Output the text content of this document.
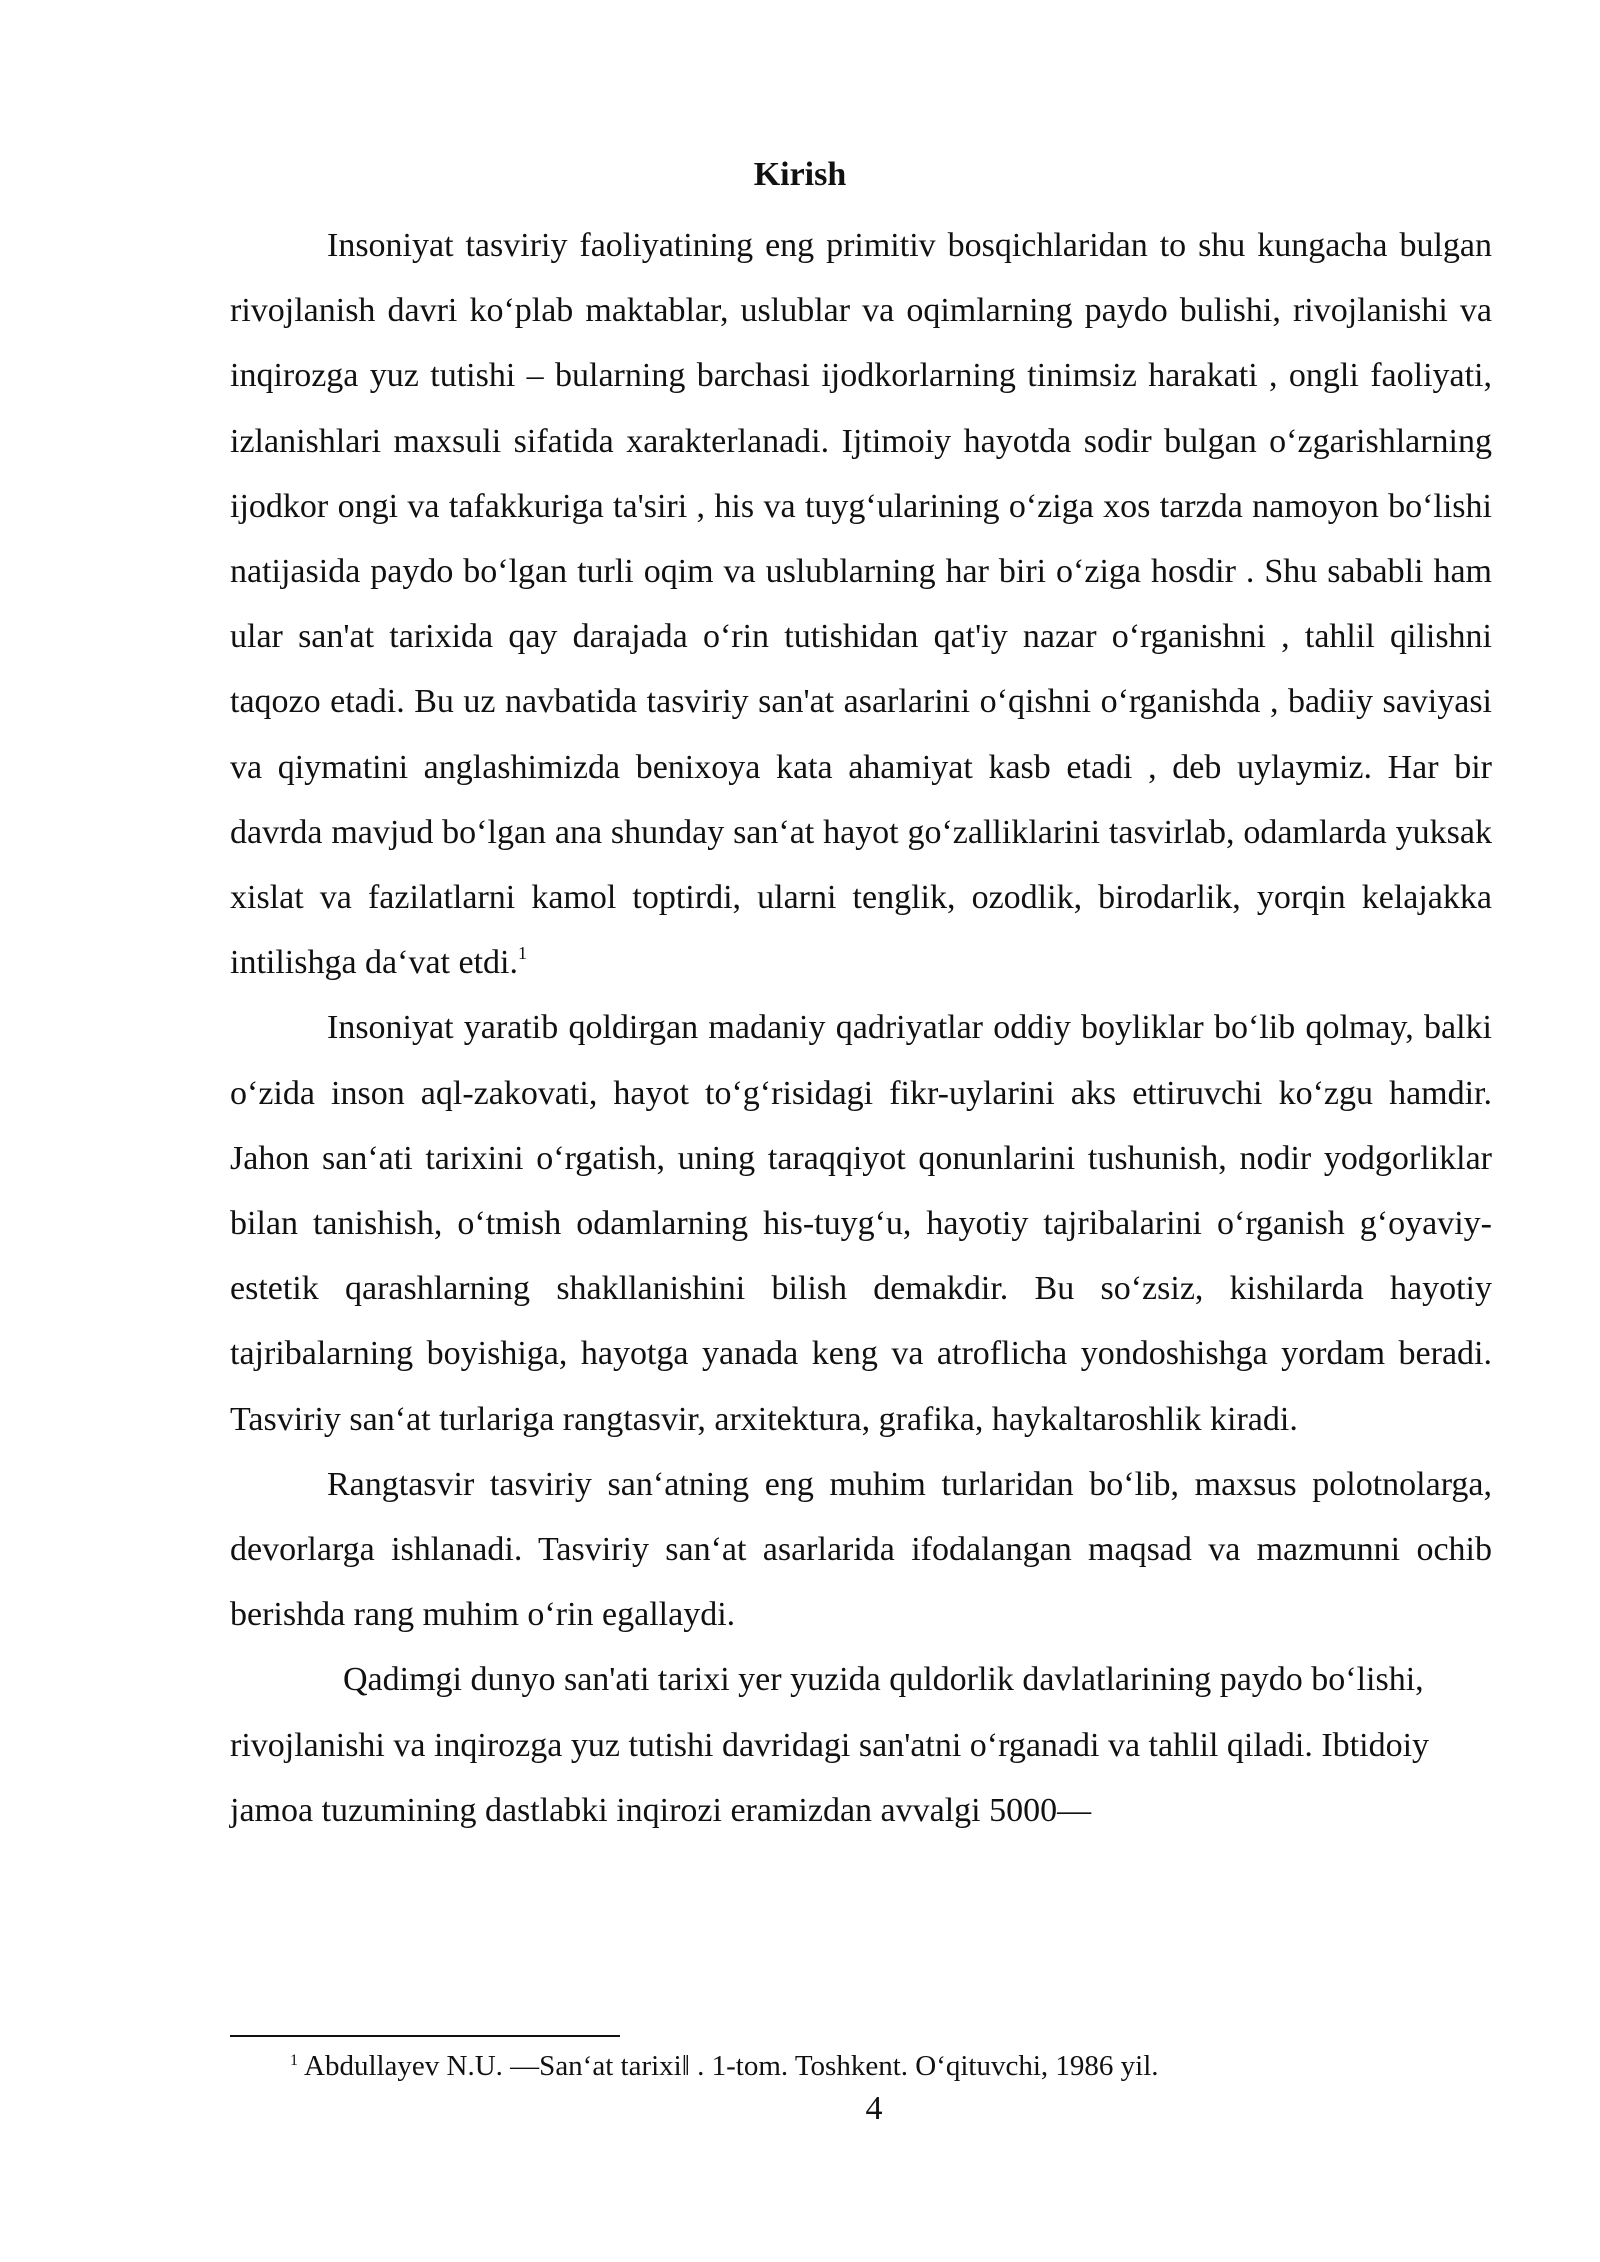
Kirish

Insoniyat tasviriy faoliyatining eng primitiv bosqichlaridan to shu kungacha bulgan rivojlanish davri ko‘plab maktablar, uslublar va oqimlarning paydo bulishi, rivojlanishi va inqirozga yuz tutishi – bularning barchasi ijodkorlarning tinimsiz harakati , ongli faoliyati, izlanishlari maxsuli sifatida xarakterlanadi. Ijtimoiy hayotda sodir bulgan o‘zgarishlarning ijodkor ongi va tafakkuriga ta'siri , his va tuyg‘ularining o‘ziga xos tarzda namoyon bo‘lishi natijasida paydo bo‘lgan turli oqim va uslublarning har biri o‘ziga hosdir . Shu sababli ham ular san'at tarixida qay darajada o‘rin tutishidan qat'iy nazar o‘rganishni , tahlil qilishni taqozo etadi. Bu uz navbatida tasviriy san'at asarlarini o‘qishni o‘rganishda , badiiy saviyasi va qiymatini anglashimizda benixoya kata ahamiyat kasb etadi , deb uylaymiz. Har bir davrda mavjud bo‘lgan ana shunday san‘at hayot go‘zalliklarini tasvirlab, odamlarda yuksak xislat va fazilatlarni kamol toptirdi, ularni tenglik, ozodlik, birodarlik, yorqin kelajakka intilishga da‘vat etdi.$^1$

Insoniyat yaratib qoldirgan madaniy qadriyatlar oddiy boyliklar bo‘lib qolmay, balki o‘zida inson aql-zakovati, hayot to‘g‘risidagi fikr-uylarini aks ettiruvchi ko‘zgu hamdir. Jahon san‘ati tarixini o‘rgatish, uning taraqqiyot qonunlarini tushunish, nodir yodgorliklar bilan tanishish, o‘tmish odamlarning his-tuyg‘u, hayotiy tajribalarini o‘rganish g‘oyaviy-estetik qarashlarning shakllanishini bilish demakdir. Bu so‘zsiz, kishilarda hayotiy tajribalarning boyishiga, hayotga yanada keng va atroflicha yondoshishga yordam beradi. Tasviriy san‘at turlariga rangtasvir, arxitektura, grafika, haykaltaroshlik kiradi.

Rangtasvir tasviriy san‘atning eng muhim turlaridan bo‘lib, maxsus polotnolarga, devorlarga ishlanadi. Tasviriy san‘at asarlarida ifodalangan maqsad va mazmunni ochib berishda rang muhim o‘rin egallaydi.

Qadimgi dunyo san'ati tarixi yer yuzida quldorlik davlatlarining paydo bo‘lishi, rivojlanishi va inqirozga yuz tutishi davridagi san'atni o‘rganadi va tahlil qiladi. Ibtidoiy jamoa tuzumining dastlabki inqirozi eramizdan avvalgi 5000—

$^1$ Abdullayev N.U. —San‘at tarixi‖ . 1-tom. Toshkent. O‘qituvchi, 1986 yil.
4
